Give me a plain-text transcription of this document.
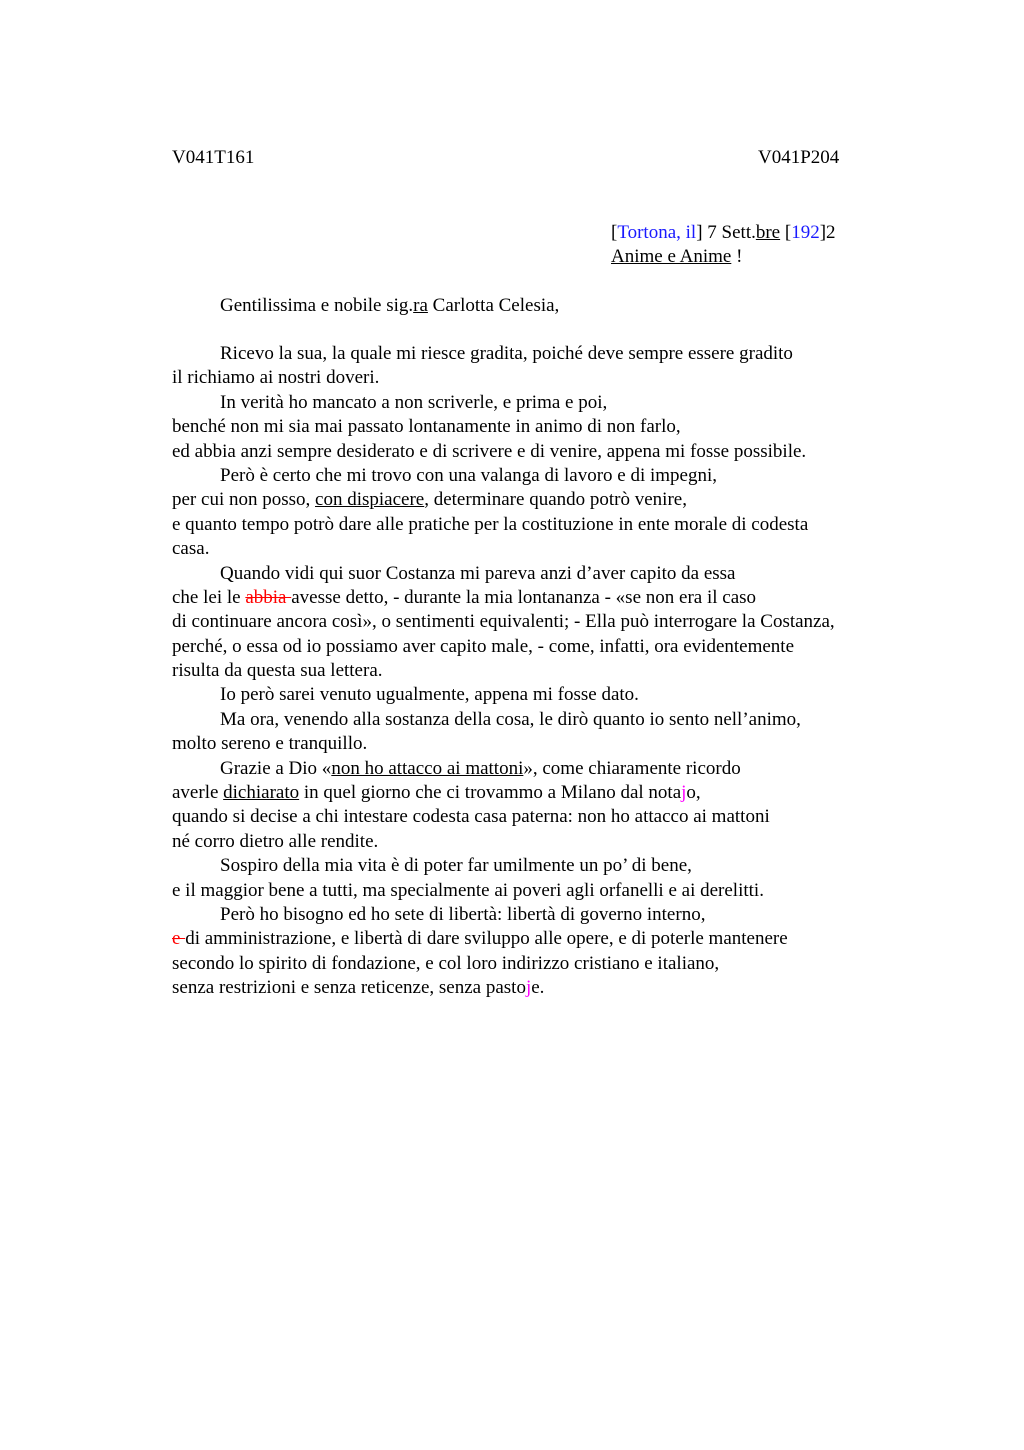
V041T161	V041P204
[Tortona, il] 7 Sett.bre [192]2
Anime e Anime !
Gentilissima e nobile sig.ra Carlotta Celesia,
Ricevo la sua, la quale mi riesce gradita, poiché deve sempre essere gradito
il richiamo ai nostri doveri.
In verità ho mancato a non scriverle, e prima e poi,
benché non mi sia mai passato lontanamente in animo di non farlo,
ed abbia anzi sempre desiderato e di scrivere e di venire, appena mi fosse possibile.
Però è certo che mi trovo con una valanga di lavoro e di impegni,
per cui non posso, con dispiacere, determinare quando potrò venire,
e quanto tempo potrò dare alle pratiche per la costituzione in ente morale di codesta
casa.
Quando vidi qui suor Costanza mi pareva anzi d’aver capito da essa
che lei le abbia avesse detto, - durante la mia lontananza - «se non era il caso
di continuare ancora così», o sentimenti equivalenti; - Ella può interrogare la Costanza,
perché, o essa od io possiamo aver capito male, - come, infatti, ora evidentemente
risulta da questa sua lettera.
Io però sarei venuto ugualmente, appena mi fosse dato.
Ma ora, venendo alla sostanza della cosa, le dirò quanto io sento nell’animo,
molto sereno e tranquillo.
Grazie a Dio «non ho attacco ai mattoni», come chiaramente ricordo
averle dichiarato in quel giorno che ci trovammo a Milano dal notajo,
quando si decise a chi intestare codesta casa paterna: non ho attacco ai mattoni
né corro dietro alle rendite.
Sospiro della mia vita è di poter far umilmente un po’ di bene,
e il maggior bene a tutti, ma specialmente ai poveri agli orfanelli e ai derelitti.
Però ho bisogno ed ho sete di libertà: libertà di governo interno,
e di amministrazione, e libertà di dare sviluppo alle opere, e di poterle mantenere
secondo lo spirito di fondazione, e col loro indirizzo cristiano e italiano,
senza restrizioni e senza reticenze, senza pastoje.
